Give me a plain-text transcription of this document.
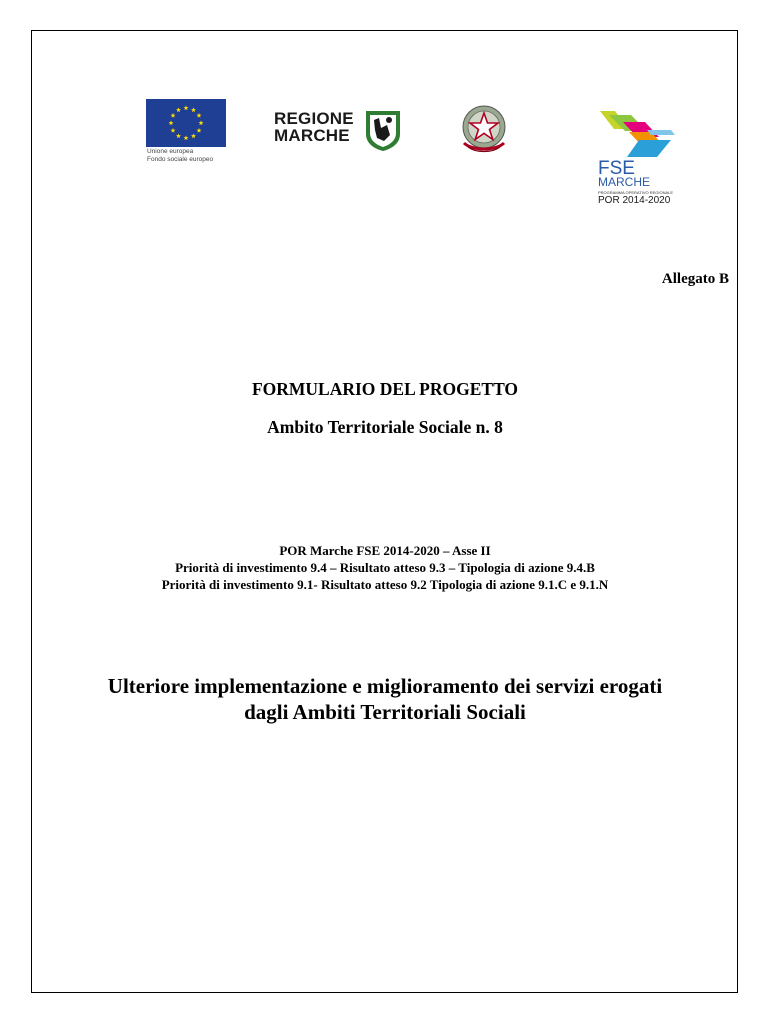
Unione europea
Fondo sociale europeo
REGIONE
MARCHE
FSE
MARCHE
PROGRAMMA OPERATIVO REGIONALE
POR 2014-2020
Allegato B
FORMULARIO DEL PROGETTO
Ambito Territoriale Sociale n. 8
POR Marche FSE 2014-2020 – Asse II
Priorità di investimento 9.4 – Risultato atteso 9.3 – Tipologia di azione 9.4.B
Priorità di investimento 9.1- Risultato atteso 9.2 Tipologia di azione 9.1.C e 9.1.N
Ulteriore implementazione e miglioramento dei servizi erogati
dagli Ambiti Territoriali Sociali
